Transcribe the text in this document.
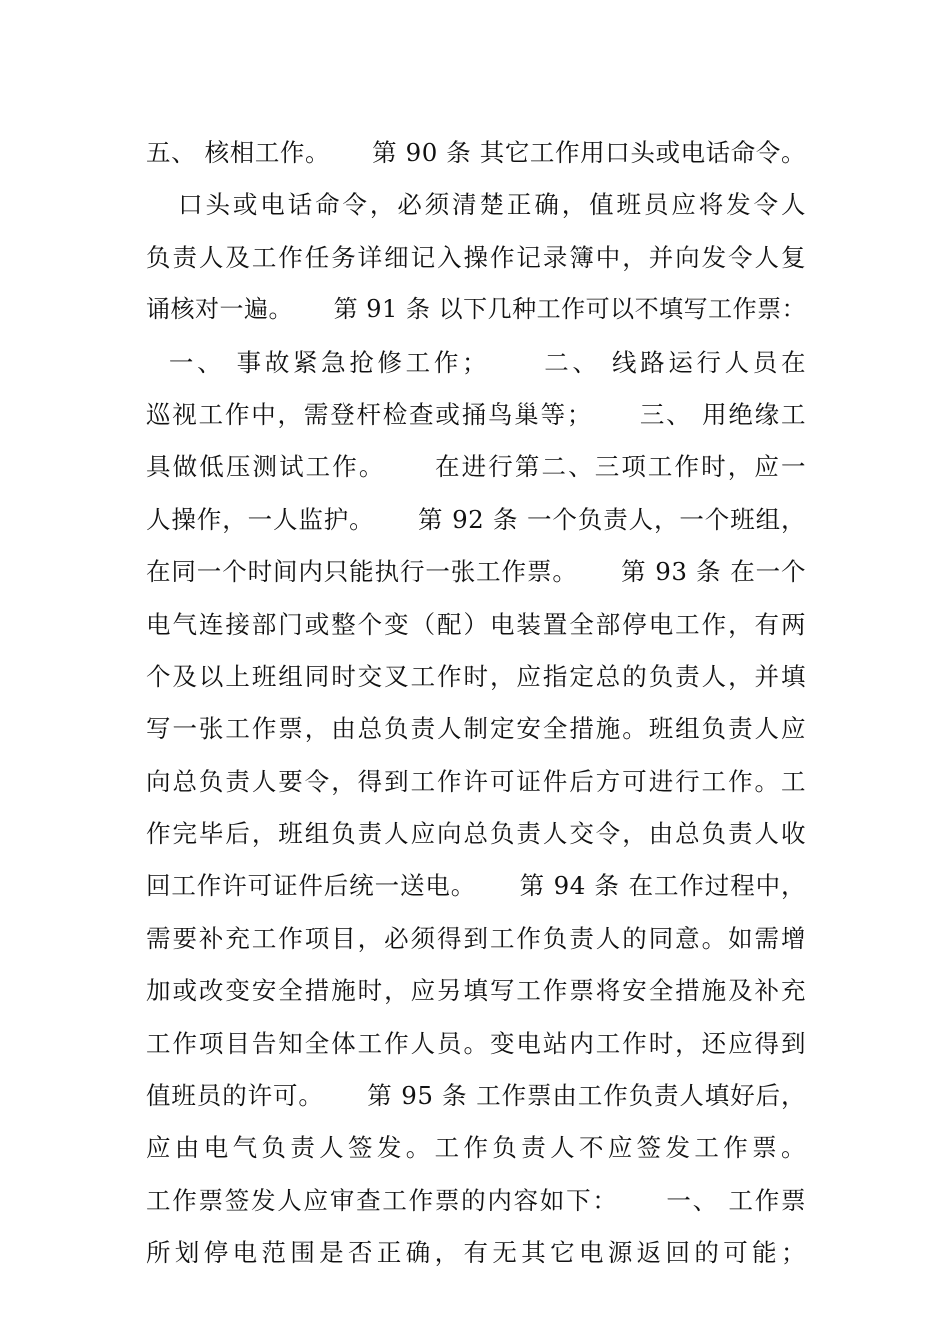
五、 核相工作。     第 90 条 其它工作用口头或电话命令。
口头或电话命令，必须清楚正确，值班员应将发令人
负责人及工作任务详细记入操作记录簿中，并向发令人复
诵核对一遍。     第 91 条 以下几种工作可以不填写工作票：
一、 事故紧急抢修工作；     二、 线路运行人员在
巡视工作中，需登杆检查或捅鸟巢等；     三、 用绝缘工
具做低压测试工作。     在进行第二、三项工作时，应一
人操作，一人监护。     第 92 条 一个负责人，一个班组，
在同一个时间内只能执行一张工作票。     第 93 条 在一个
电气连接部门或整个变（配）电装置全部停电工作，有两
个及以上班组同时交叉工作时，应指定总的负责人，并填
写一张工作票，由总负责人制定安全措施。班组负责人应
向总负责人要令，得到工作许可证件后方可进行工作。工
作完毕后，班组负责人应向总负责人交令，由总负责人收
回工作许可证件后统一送电。     第 94 条 在工作过程中，
需要补充工作项目，必须得到工作负责人的同意。如需增
加或改变安全措施时，应另填写工作票将安全措施及补充
工作项目告知全体工作人员。变电站内工作时，还应得到
值班员的许可。     第 95 条 工作票由工作负责人填好后，
应由电气负责人签发。工作负责人不应签发工作票。
工作票签发人应审查工作票的内容如下：     一、 工作票
所划停电范围是否正确，有无其它电源返回的可能；
